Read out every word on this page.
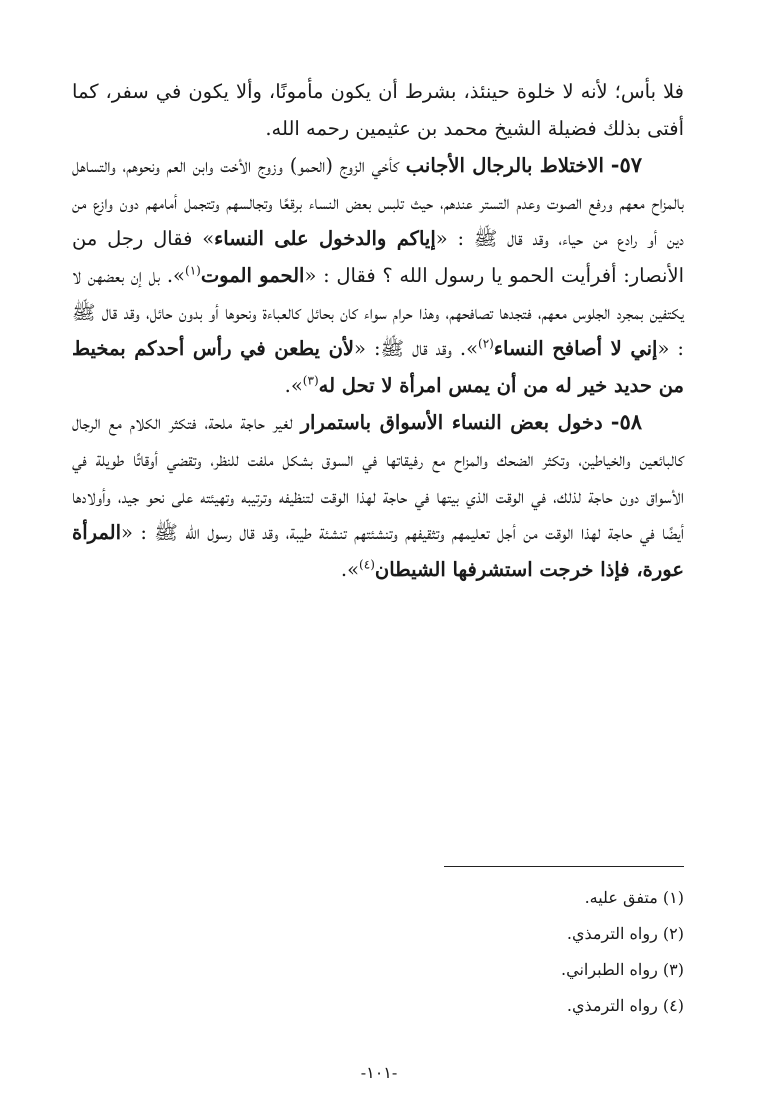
فلا بأس؛ لأنه لا خلوة حينئذ، بشرط أن يكون مأمونًا، وألا يكون في سفر، كما أفتى بذلك فضيلة الشيخ محمد بن عثيمين رحمه الله.

٥٧- الاختلاط بالرجال الأجانب كأخي الزوج (الحمو) وزوج الأخت وابن العم ونحوهم، والتساهل بالمزاح معهم ورفع الصوت وعدم التستر عندهم، حيث تلبس بعض النساء برقعًا وتجالسهم وتتجمل أمامهم دون وازع من دين أو رادع من حياء، وقد قال ﷺ : «إياكم والدخول على النساء» فقال رجل من الأنصار: أفرأيت الحمو يا رسول الله ؟ فقال : «الحمو الموت$^{(١)}$». بل إن بعضهن لا يكتفين بمجرد الجلوس معهم، فتجدها تصافحهم، وهذا حرام سواء كان بحائل كالعباءة ونحوها أو بدون حائل، وقد قال ﷺ : «إني لا أصافح النساء$^{(٢)}$». وقد قال ﷺ: «لأن يطعن في رأس أحدكم بمخيط من حديد خير له من أن يمس امرأة لا تحل له$^{(٣)}$».

٥٨- دخول بعض النساء الأسواق باستمرار لغير حاجة ملحة، فتكثر الكلام مع الرجال كالبائعين والخياطين، وتكثر الضحك والمزاح مع رفيقاتها في السوق بشكل ملفت للنظر، وتقضي أوقاتًا طويلة في الأسواق دون حاجة لذلك، في الوقت الذي بيتها في حاجة لهذا الوقت لتنظيفه وترتيبه وتهيئته على نحو جيد، وأولادها أيضًا في حاجة لهذا الوقت من أجل تعليمهم وتثقيفهم وتنشئتهم تنشئة طيبة، وقد قال رسول الله ﷺ : «المرأة عورة، فإذا خرجت استشرفها الشيطان$^{(٤)}$».

(١) متفق عليه.
(٢) رواه الترمذي.
(٣) رواه الطبراني.
(٤) رواه الترمذي.
-١٠١-
